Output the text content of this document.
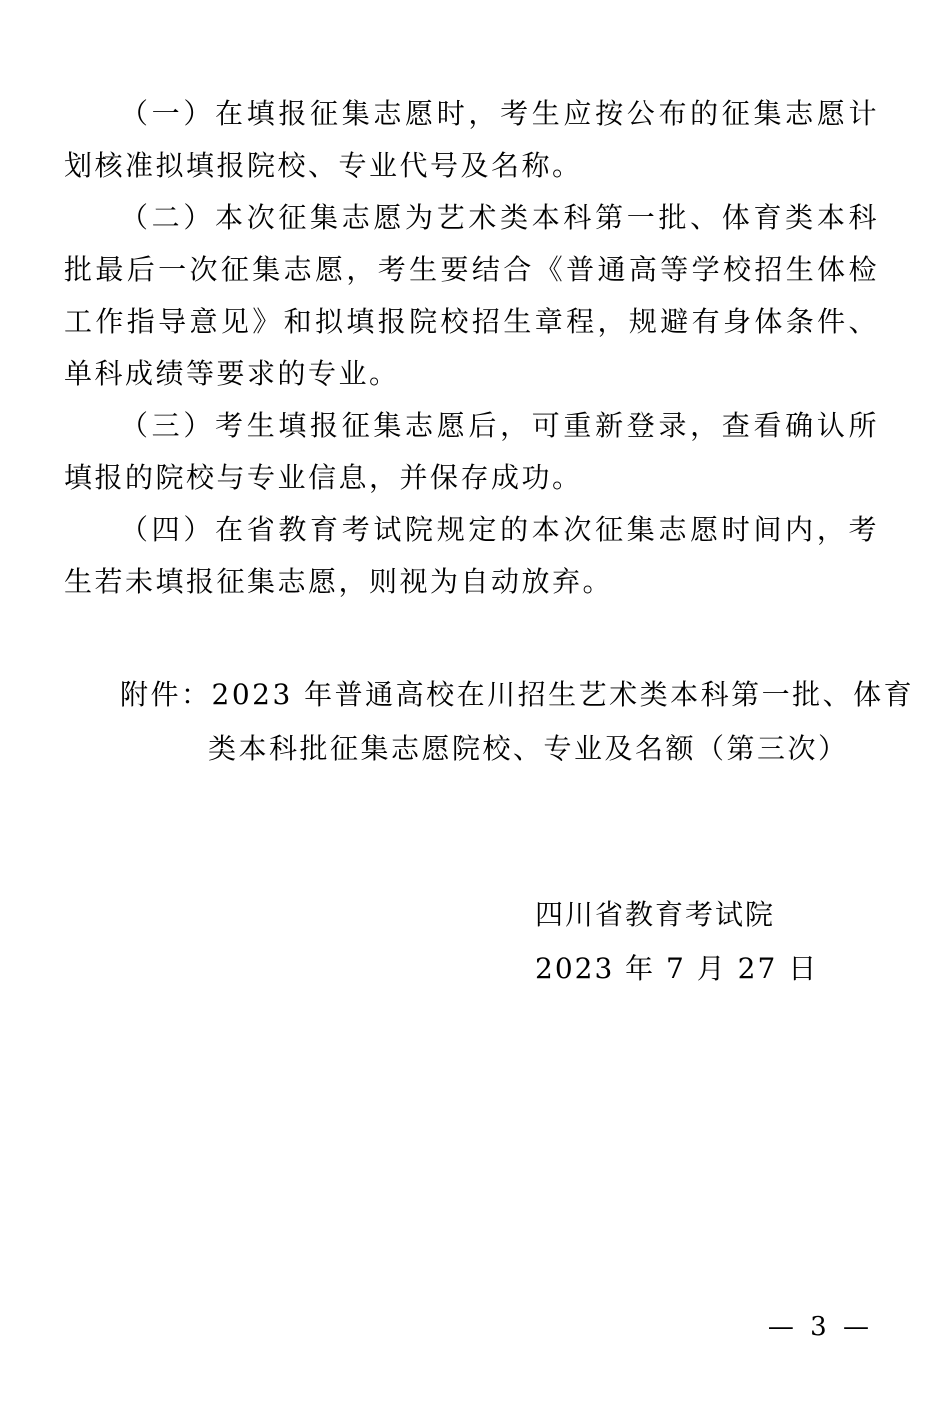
（一）在填报征集志愿时，考生应按公布的征集志愿计划核准拟填报院校、专业代号及名称。

（二）本次征集志愿为艺术类本科第一批、体育类本科批最后一次征集志愿，考生要结合《普通高等学校招生体检工作指导意见》和拟填报院校招生章程，规避有身体条件、单科成绩等要求的专业。

（三）考生填报征集志愿后，可重新登录，查看确认所填报的院校与专业信息，并保存成功。

（四）在省教育考试院规定的本次征集志愿时间内，考生若未填报征集志愿，则视为自动放弃。

附件：2023 年普通高校在川招生艺术类本科第一批、体育
类本科批征集志愿院校、专业及名额（第三次）
四川省教育考试院
2023 年 7 月 27 日
— 3 —
